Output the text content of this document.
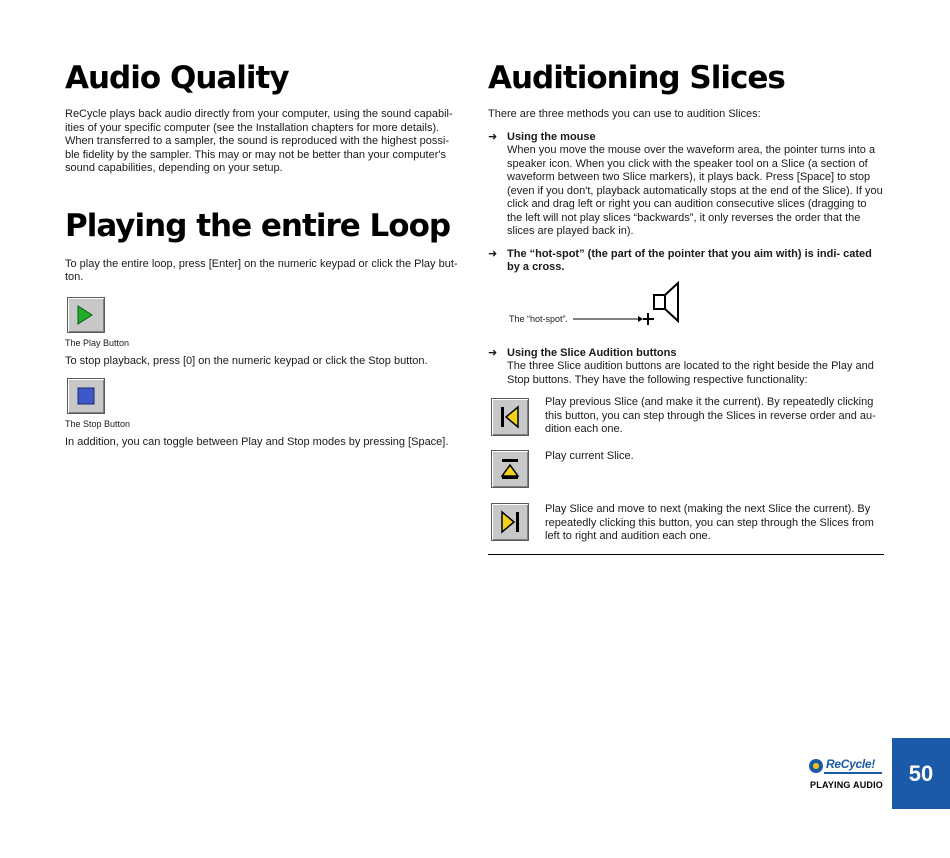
Audio Quality

ReCycle plays back audio directly from your computer, using the sound capabil- ities of your specific computer (see the Installation chapters for more details). When transferred to a sampler, the sound is reproduced with the highest possi- ble fidelity by the sampler. This may or may not be better than your computer's sound capabilities, depending on your setup.

Playing the entire Loop

To play the entire loop, press [Enter] on the numeric keypad or click the Play but- ton.

The Play Button

To stop playback, press [0] on the numeric keypad or click the Stop button.

The Stop Button

In addition, you can toggle between Play and Stop modes by pressing [Space].

Auditioning Slices

There are three methods you can use to audition Slices:

➜ Using the mouse

When you move the mouse over the waveform area, the pointer turns into a speaker icon. When you click with the speaker tool on a Slice (a section of waveform between two Slice markers), it plays back. Press [Space] to stop (even if you don't, playback automatically stops at the end of the Slice). If you click and drag left or right you can audition consecutive slices (dragging to the left will not play slices “backwards”, it only reverses the order that the slices are played back in).

➜ The “hot-spot” (the part of the pointer that you aim with) is indi- cated by a cross.
The “hot-spot”.
➜ Using the Slice Audition buttons

The three Slice audition buttons are located to the right beside the Play and Stop buttons. They have the following respective functionality:

Play previous Slice (and make it the current). By repeatedly clicking this button, you can step through the Slices in reverse order and au- dition each one.

Play current Slice.

Play Slice and move to next (making the next Slice the current). By repeatedly clicking this button, you can step through the Slices from left to right and audition each one.

ReCycle!
PLAYING AUDIO 50
